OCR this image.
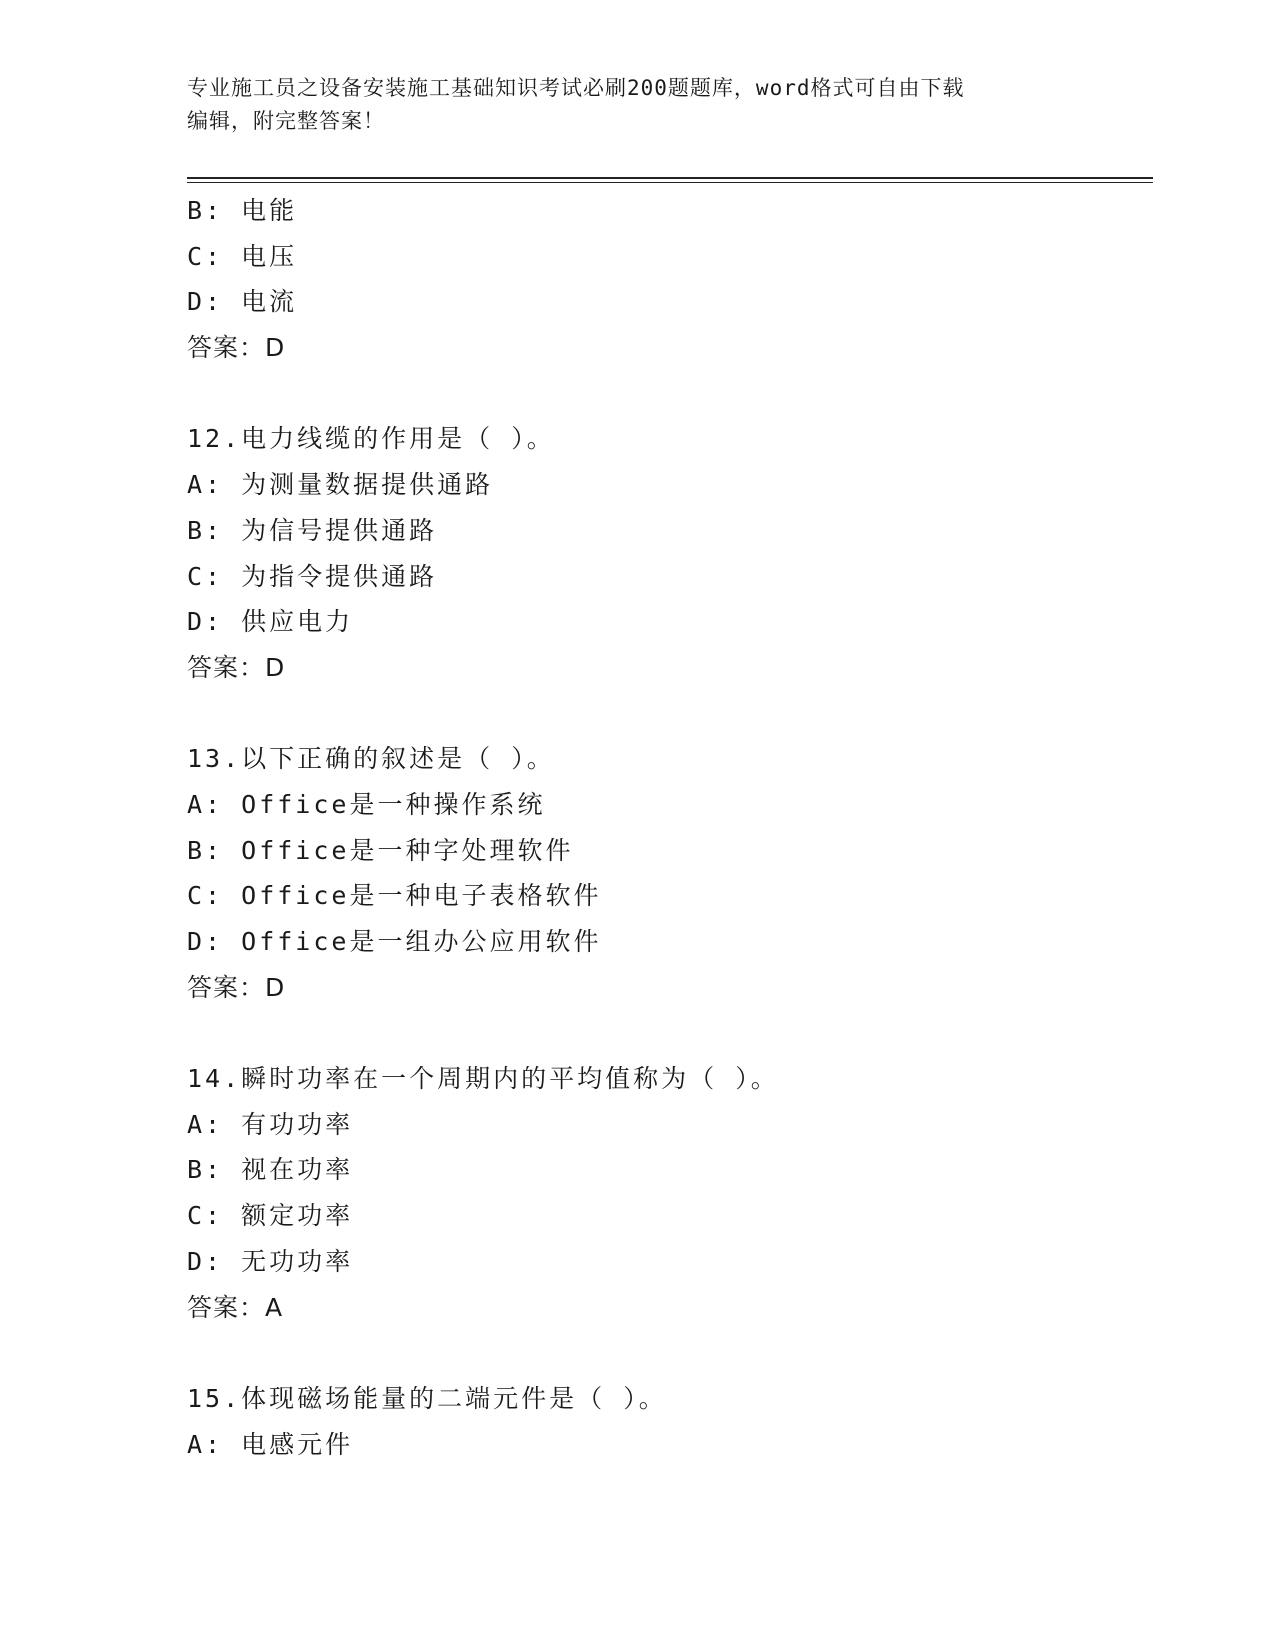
专业施工员之设备安装施工基础知识考试必刷200题题库，word格式可自由下载
编辑，附完整答案！
B: 电能
C: 电压
D: 电流
答案：D
12.电力线缆的作用是（ ）。
A: 为测量数据提供通路
B: 为信号提供通路
C: 为指令提供通路
D: 供应电力
答案：D
13.以下正确的叙述是（ ）。
A: Office是一种操作系统
B: Office是一种字处理软件
C: Office是一种电子表格软件
D: Office是一组办公应用软件
答案：D
14.瞬时功率在一个周期内的平均值称为（ ）。
A: 有功功率
B: 视在功率
C: 额定功率
D: 无功功率
答案：A
15.体现磁场能量的二端元件是（ ）。
A: 电感元件
